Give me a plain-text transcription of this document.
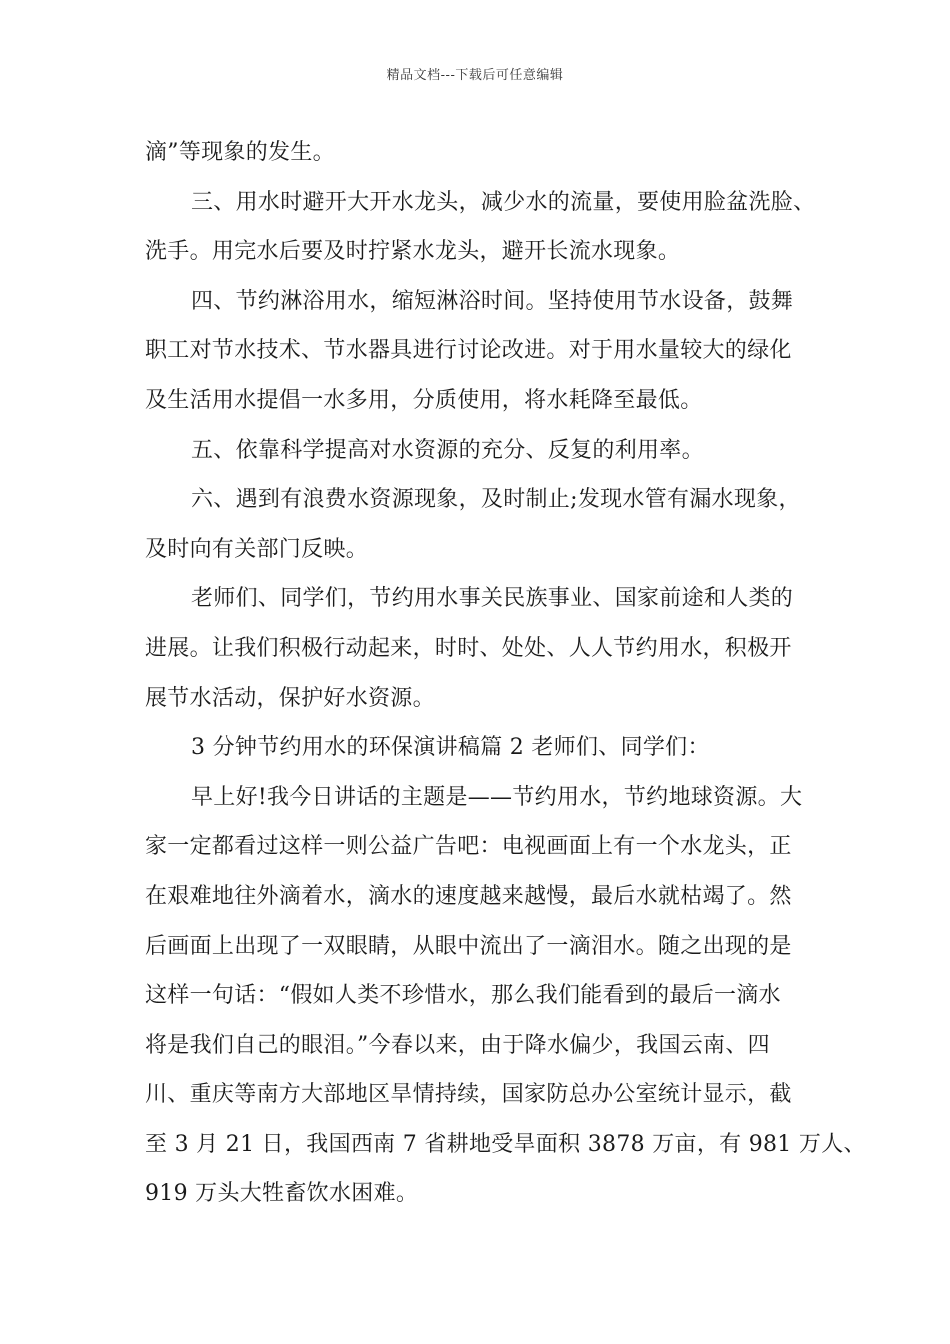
精品文档---下载后可任意编辑
滴”等现象的发生。
三、用水时避开大开水龙头，减少水的流量，要使用脸盆洗脸、
洗手。用完水后要及时拧紧水龙头，避开长流水现象。
四、节约淋浴用水，缩短淋浴时间。坚持使用节水设备，鼓舞
职工对节水技术、节水器具进行讨论改进。对于用水量较大的绿化
及生活用水提倡一水多用，分质使用，将水耗降至最低。
五、依靠科学提高对水资源的充分、反复的利用率。
六、遇到有浪费水资源现象，及时制止;发现水管有漏水现象，
及时向有关部门反映。
老师们、同学们，节约用水事关民族事业、国家前途和人类的
进展。让我们积极行动起来，时时、处处、人人节约用水，积极开
展节水活动，保护好水资源。
3 分钟节约用水的环保演讲稿篇 2 老师们、同学们：
早上好!我今日讲话的主题是——节约用水，节约地球资源。大
家一定都看过这样一则公益广告吧：电视画面上有一个水龙头，正
在艰难地往外滴着水，滴水的速度越来越慢，最后水就枯竭了。然
后画面上出现了一双眼睛，从眼中流出了一滴泪水。随之出现的是
这样一句话：“假如人类不珍惜水，那么我们能看到的最后一滴水
将是我们自己的眼泪。”今春以来，由于降水偏少，我国云南、四
川、重庆等南方大部地区旱情持续，国家防总办公室统计显示，截
至 3 月 21 日，我国西南 7 省耕地受旱面积 3878 万亩，有 981 万人、
919 万头大牲畜饮水困难。
